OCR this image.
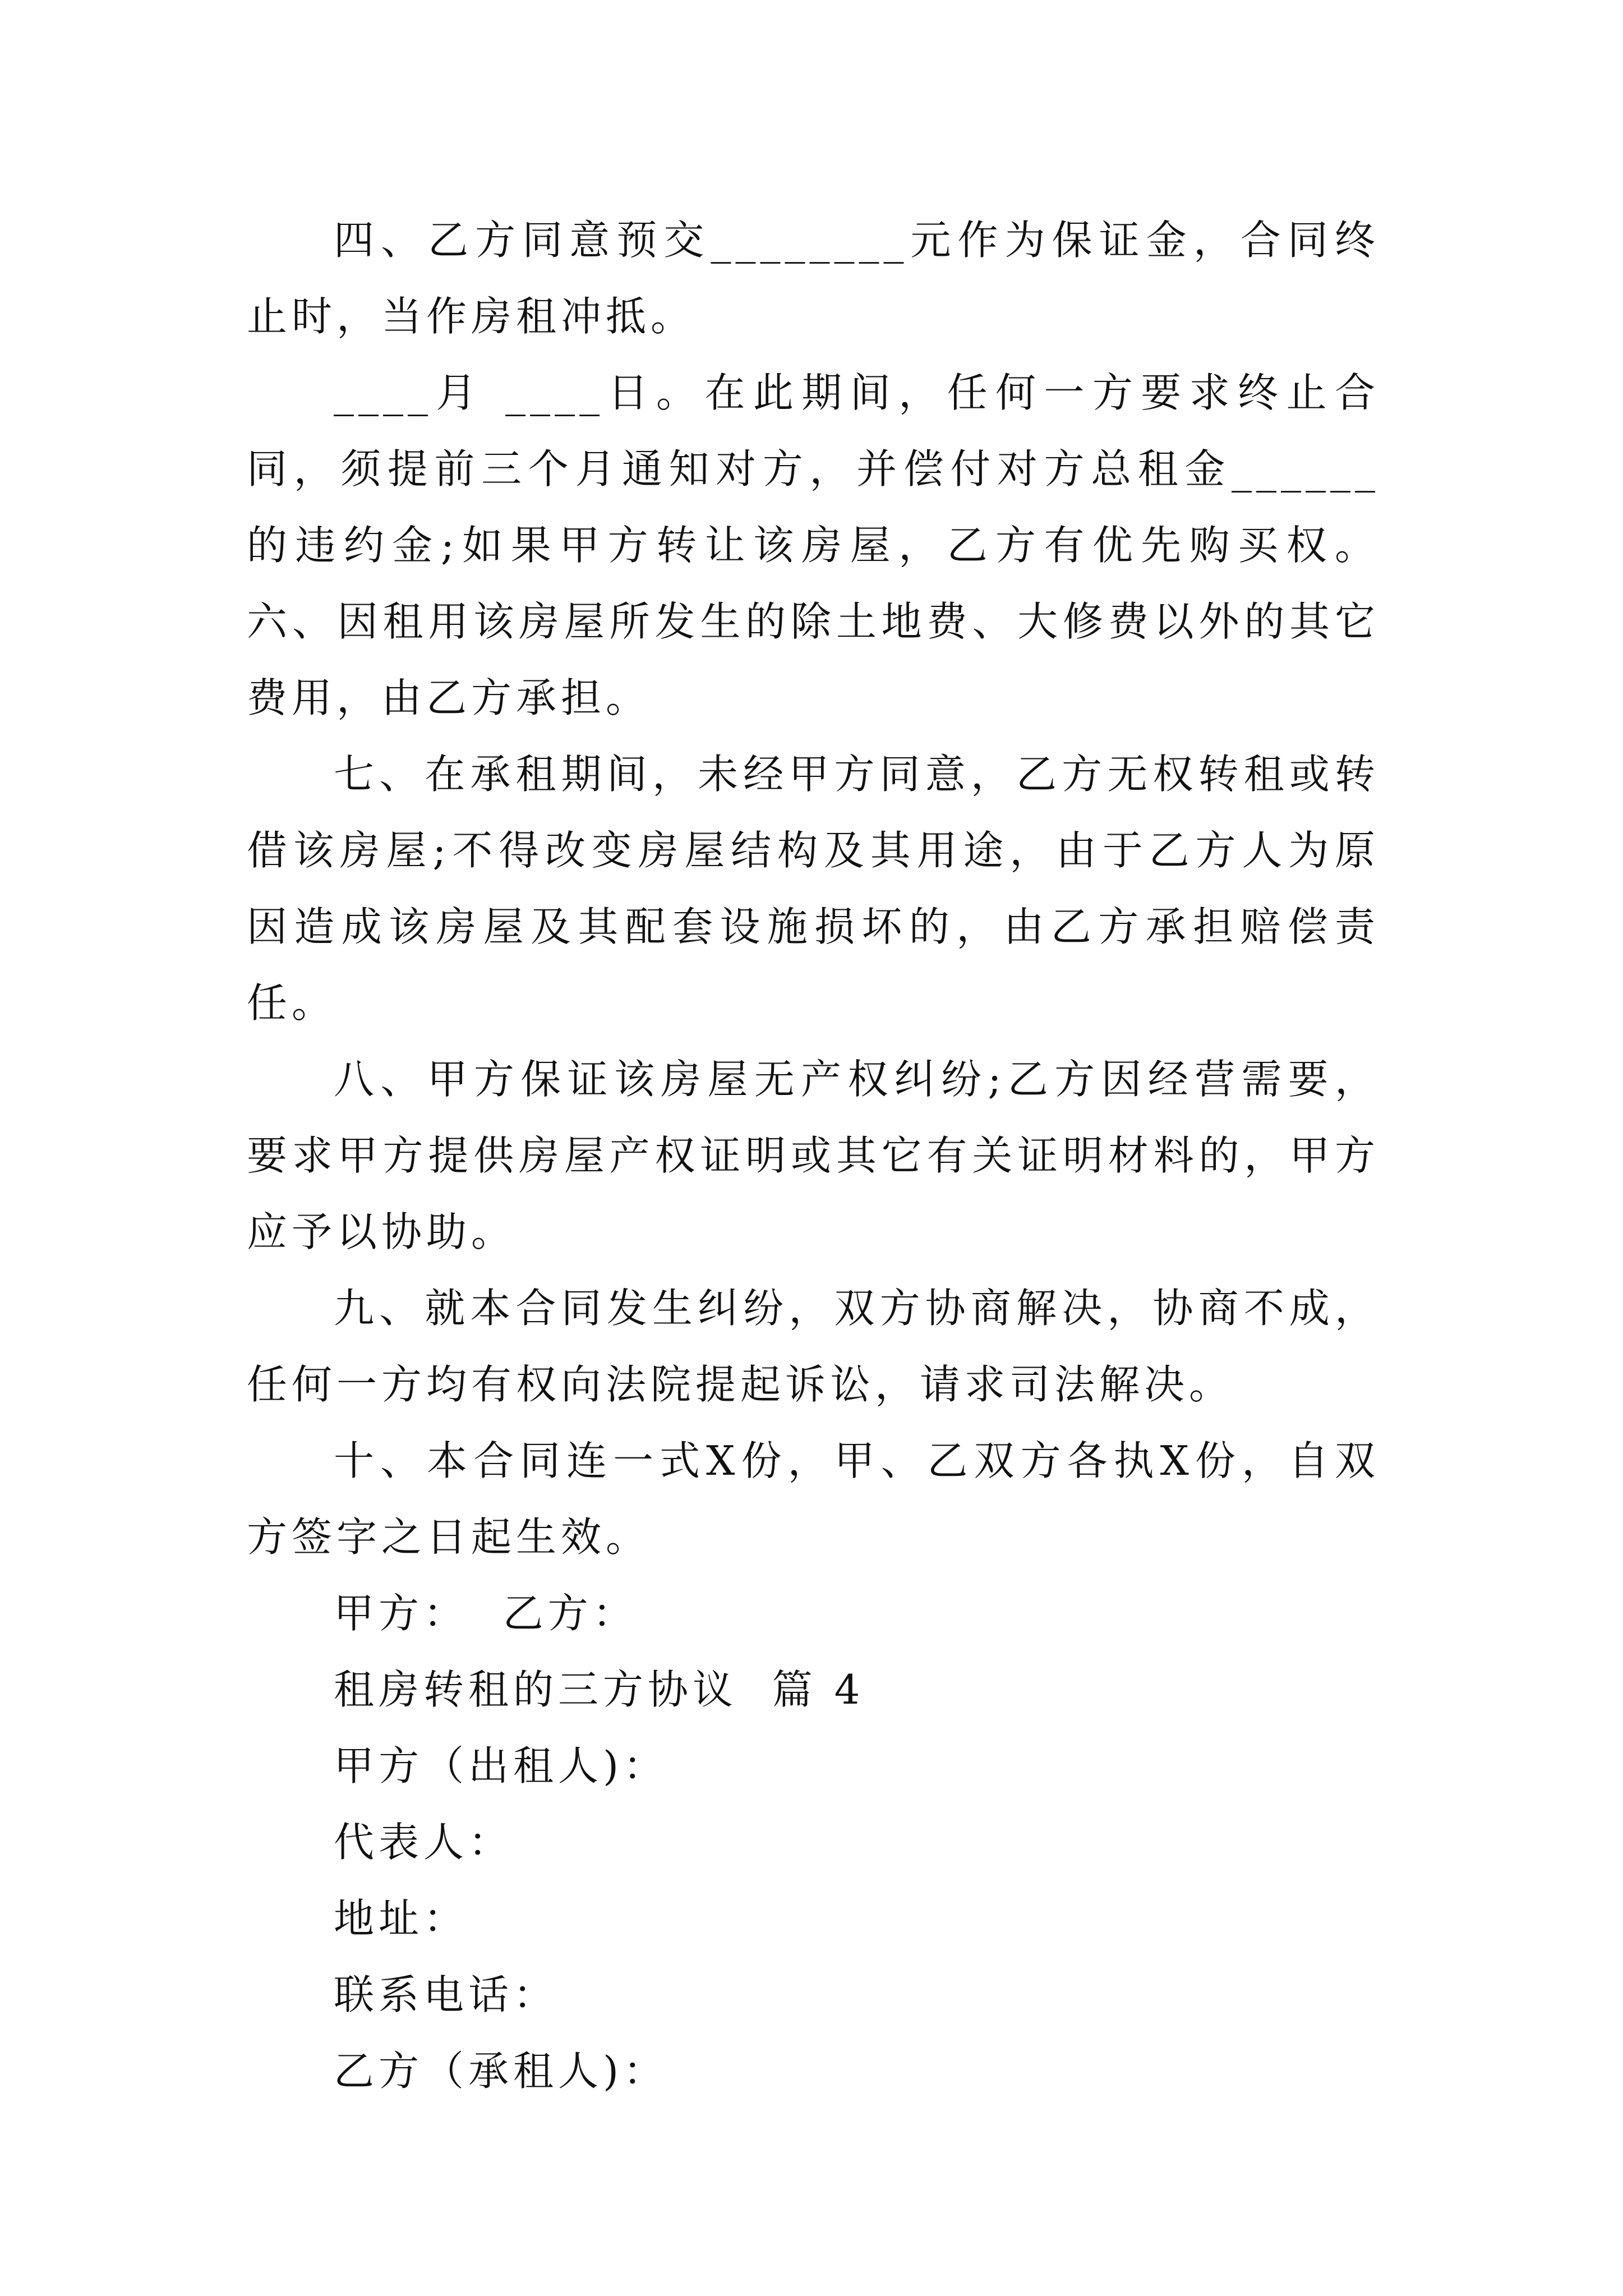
四、乙方同意预交________元作为保证金，合同终止时，当作房租冲抵。

____月 ____日。在此期间，任何一方要求终止合同，须提前三个月通知对方，并偿付对方总租金______的违约金;如果甲方转让该房屋，乙方有优先购买权。 六、因租用该房屋所发生的除土地费、大修费以外的其它费用，由乙方承担。

七、在承租期间，未经甲方同意，乙方无权转租或转借该房屋;不得改变房屋结构及其用途，由于乙方人为原因造成该房屋及其配套设施损坏的，由乙方承担赔偿责任。

八、甲方保证该房屋无产权纠纷;乙方因经营需要，要求甲方提供房屋产权证明或其它有关证明材料的，甲方应予以协助。

九、就本合同发生纠纷，双方协商解决，协商不成，任何一方均有权向法院提起诉讼，请求司法解决。

十、本合同连一式X份，甲、乙双方各执X份，自双方签字之日起生效。

甲方：  乙方：

租房转租的三方协议  篇 4

甲方（出租人)：

代表人：

地址：

联系电话：

乙方（承租人)：
